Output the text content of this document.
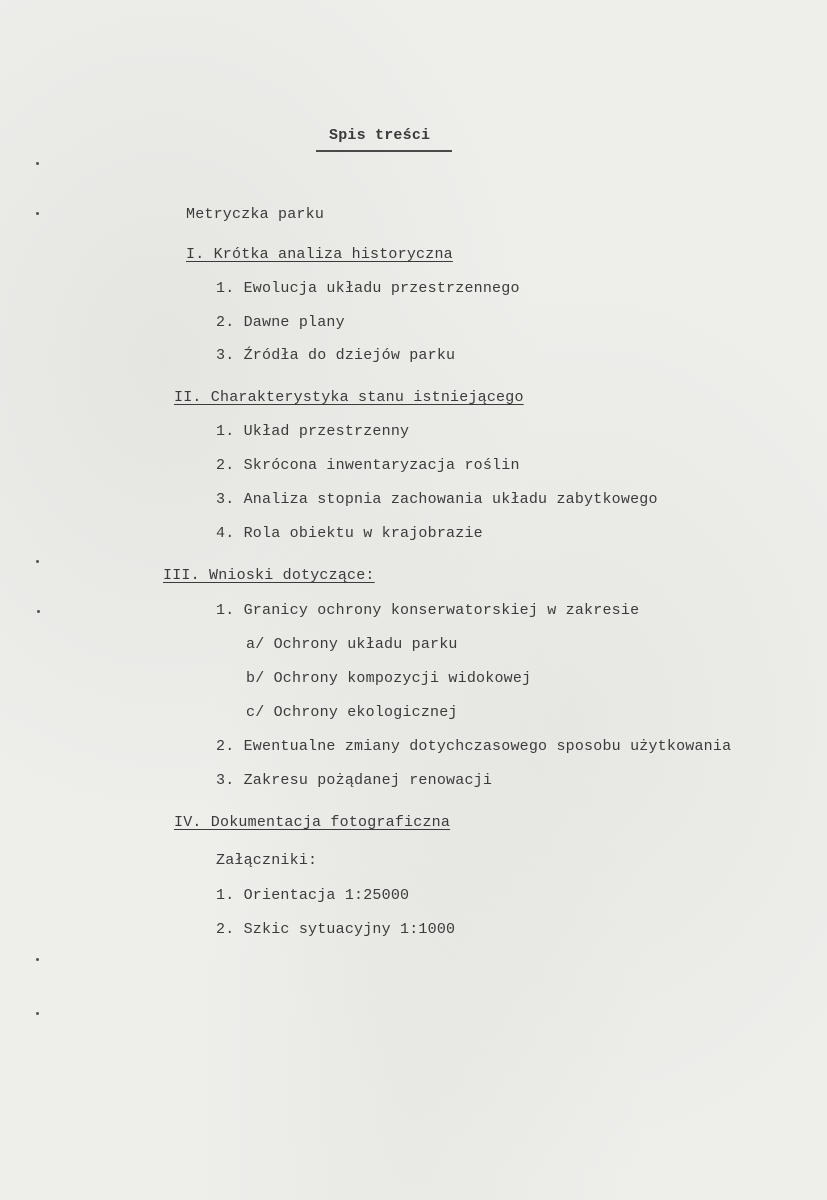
Spis treści
Metryczka parku
I. Krótka analiza historyczna
1. Ewolucja układu przestrzennego
2. Dawne plany
3. Źródła do dziejów parku
II. Charakterystyka stanu istniejącego
1. Układ przestrzenny
2. Skrócona inwentaryzacja roślin
3. Analiza stopnia zachowania układu zabytkowego
4. Rola obiektu w krajobrazie
III. Wnioski dotyczące:
1. Granicy ochrony konserwatorskiej w zakresie
a/ Ochrony układu parku
b/ Ochrony kompozycji widokowej
c/ Ochrony ekologicznej
2. Ewentualne zmiany dotychczasowego sposobu użytkowania
3. Zakresu pożądanej renowacji
IV. Dokumentacja fotograficzna
Załączniki:
1. Orientacja 1:25000
2. Szkic sytuacyjny 1:1000
